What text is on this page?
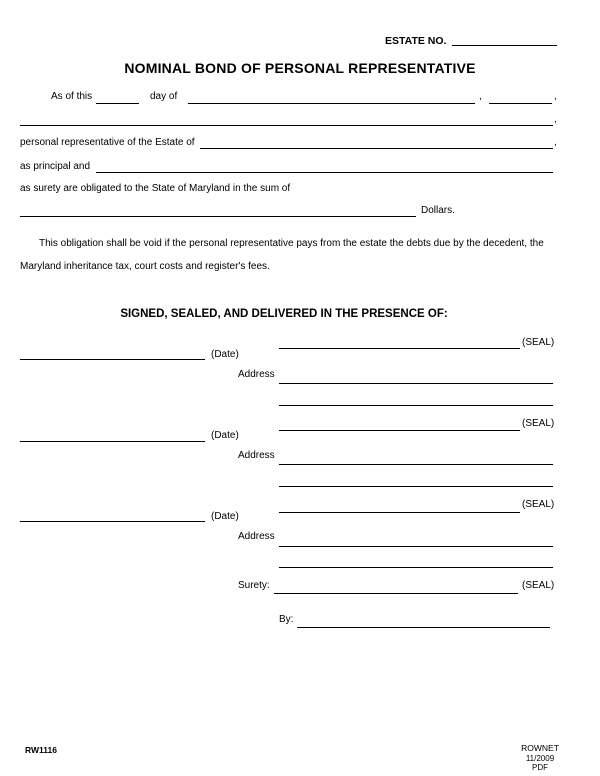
ESTATE NO.
NOMINAL BOND OF PERSONAL REPRESENTATIVE
As of this	day of	,	,
,
personal representative of the Estate of	,
as principal and
as surety are obligated to the State of Maryland in the sum of
Dollars.
This obligation shall be void if the personal representative pays from the estate the debts due by the decedent, the
Maryland inheritance tax, court costs and register's fees.
SIGNED, SEALED, AND DELIVERED IN THE PRESENCE OF:
(SEAL)
(Date)
Address
(SEAL)
(Date)
Address
(SEAL)
(Date)
Address
Surety:	(SEAL)
By:
RW1116	ROWNET
11/2009
PDF
